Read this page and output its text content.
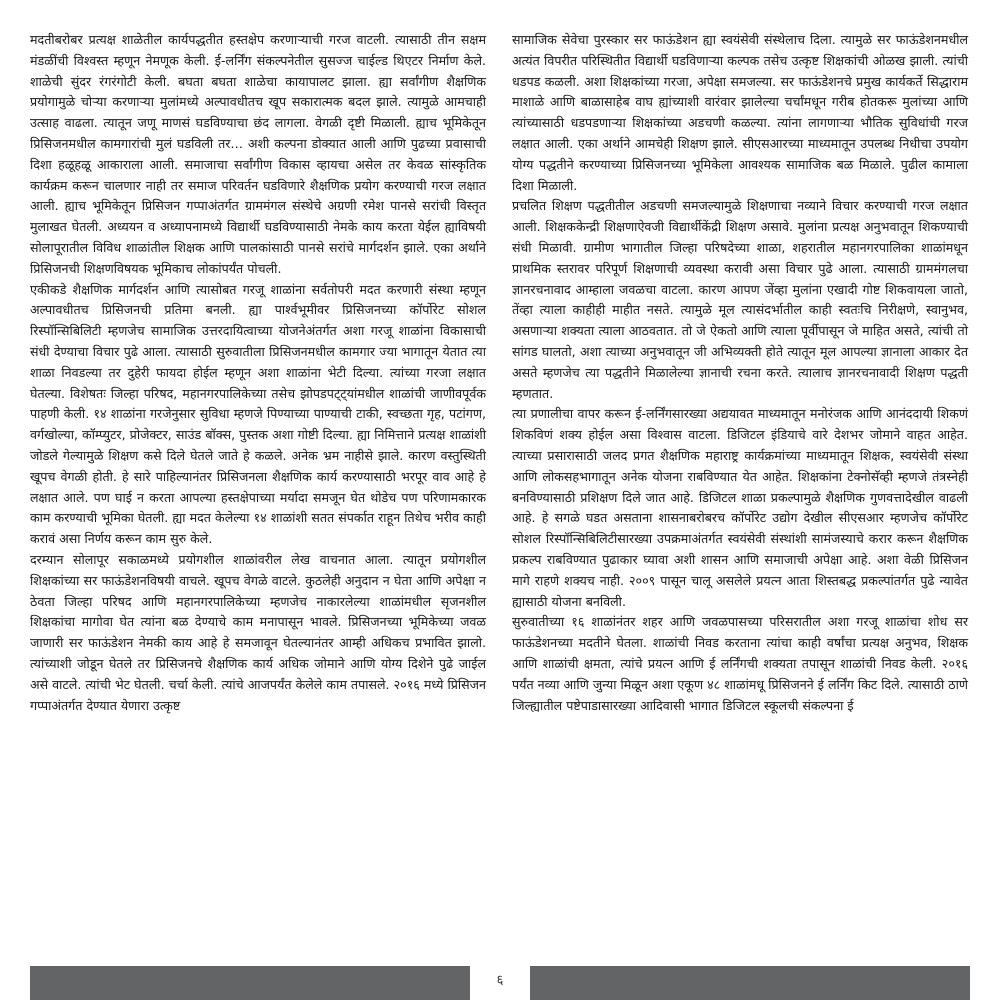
मदतीबरोबर प्रत्यक्ष शाळेतील कार्यपद्धतीत हस्तक्षेप करणाऱ्याची गरज वाटली. त्यासाठी तीन सक्षम मंडळींची विश्वस्त म्हणून नेमणूक केली. ई-लर्निंग संकल्पनेतील सुसज्ज चाईल्ड थिएटर निर्माण केले. शाळेची सुंदर रंगरंगोटी केली. बघता बघता शाळेचा कायापालट झाला. ह्या सर्वांगीण शैक्षणिक प्रयोगामुळे चोऱ्या करणाऱ्या मुलांमध्ये अल्पावधीतच खूप सकारात्मक बदल झाले. त्यामुळे आमचाही उत्साह वाढला. त्यातून जणू माणसं घडविण्याचा छंद लागला. वेगळी दृष्टी मिळाली. ह्याच भूमिकेतून प्रिसिजनमधील कामगारांची मुलं घडविली तर… अशी कल्पना डोक्यात आली आणि पुढच्या प्रवासाची दिशा हळूहळू आकाराला आली. समाजाचा सर्वांगीण विकास व्हायचा असेल तर केवळ सांस्कृतिक कार्यक्रम करून चालणार नाही तर समाज परिवर्तन घडविणारे शैक्षणिक प्रयोग करण्याची गरज लक्षात आली. ह्याच भूमिकेतून प्रिसिजन गप्पाअंतर्गत ग्राममंगल संस्थेचे अग्रणी रमेश पानसे सरांची विस्तृत मुलाखत घेतली. अध्ययन व अध्यापनामध्ये विद्यार्थी घडविण्यासाठी नेमके काय करता येईल ह्याविषयी सोलापूरातील विविध शाळांतील शिक्षक आणि पालकांसाठी पानसे सरांचे मार्गदर्शन झाले. एका अर्थाने प्रिसिजनची शिक्षणविषयक भूमिकाच लोकांपर्यंत पोचली.

एकीकडे शैक्षणिक मार्गदर्शन आणि त्यासोबत गरजू शाळांना सर्वतोपरी मदत करणारी संस्था म्हणून अल्पावधीतच प्रिसिजनची प्रतिमा बनली. ह्या पार्श्वभूमीवर प्रिसिजनच्या कॉर्पोरेट सोशल रिस्पॉन्सिबिलिटी म्हणजेच सामाजिक उत्तरदायित्वाच्या योजनेअंतर्गत अशा गरजू शाळांना विकासाची संधी देण्याचा विचार पुढे आला. त्यासाठी सुरुवातीला प्रिसिजनमधील कामगार ज्या भागातून येतात त्या शाळा निवडल्या तर दुहेरी फायदा होईल म्हणून अशा शाळांना भेटी दिल्या. त्यांच्या गरजा लक्षात घेतल्या. विशेषतः जिल्हा परिषद, महानगरपालिकेच्या तसेच झोपडपट्ट्यांमधील शाळांची जाणीवपूर्वक पाहणी केली. १४ शाळांना गरजेनुसार सुविधा म्हणजे पिण्याच्या पाण्याची टाकी, स्वच्छता गृह, पटांगण, वर्गखोल्या, कॉम्प्युटर, प्रोजेक्टर, साउंड बॉक्स, पुस्तक अशा गोष्टी दिल्या. ह्या निमित्ताने प्रत्यक्ष शाळांशी जोडले गेल्यामुळे शिक्षण कसे दिले घेतले जाते हे कळले. अनेक भ्रम नाहीसे झाले. कारण वस्तुस्थिती खूपच वेगळी होती. हे सारे पाहिल्यानंतर प्रिसिजनला शैक्षणिक कार्य करण्यासाठी भरपूर वाव आहे हे लक्षात आले. पण घाई न करता आपल्या हस्तक्षेपाच्या मर्यादा समजून घेत थोडेच पण परिणामकारक काम करण्याची भूमिका घेतली. ह्या मदत केलेल्या १४ शाळांशी सतत संपर्कात राहून तिथेच भरीव काही करावं असा निर्णय करून काम सुरु केले.

दरम्यान सोलापूर सकाळमध्ये प्रयोगशील शाळांवरील लेख वाचनात आला. त्यातून प्रयोगशील शिक्षकांच्या सर फाऊंडेशनविषयी वाचले. खूपच वेगळे वाटले. कुठलेही अनुदान न घेता आणि अपेक्षा न ठेवता जिल्हा परिषद आणि महानगरपालिकेच्या म्हणजेच नाकारलेल्या शाळांमधील सृजनशील शिक्षकांचा मागोवा घेत त्यांना बळ देण्याचे काम मनापासून भावले. प्रिसिजनच्या भूमिकेच्या जवळ जाणारी सर फाऊंडेशन नेमकी काय आहे हे समजावून घेतल्यानंतर आम्ही अधिकच प्रभावित झालो. त्यांच्याशी जोडून घेतले तर प्रिसिजनचे शैक्षणिक कार्य अधिक जोमाने आणि योग्य दिशेने पुढे जाईल असे वाटले. त्यांची भेट घेतली. चर्चा केली. त्यांचे आजपर्यंत केलेले काम तपासले. २०१६ मध्ये प्रिसिजन गप्पाअंतर्गत देण्यात येणारा उत्कृष्ट

सामाजिक सेवेचा पुरस्कार सर फाऊंडेशन ह्या स्वयंसेवी संस्थेलाच दिला. त्यामुळे सर फाऊंडेशनमधील अत्यंत विपरीत परिस्थितीत विद्यार्थी घडविणाऱ्या कल्पक तसेच उत्कृष्ट शिक्षकांची ओळख झाली. त्यांची धडपड कळली. अशा शिक्षकांच्या गरजा, अपेक्षा समजल्या. सर फाऊंडेशनचे प्रमुख कार्यकर्ते सिद्धाराम माशाळे आणि बाळासाहेब वाघ ह्यांच्याशी वारंवार झालेल्या चर्चांमधून गरीब होतकरू मुलांच्या आणि त्यांच्यासाठी धडपडणाऱ्या शिक्षकांच्या अडचणी कळल्या. त्यांना लागणाऱ्या भौतिक सुविधांची गरज लक्षात आली. एका अर्थाने आमचेही शिक्षण झाले. सीएसआरच्या माध्यमातून उपलब्ध निधीचा उपयोग योग्य पद्धतीने करण्याच्या प्रिसिजनच्या भूमिकेला आवश्यक सामाजिक बळ मिळाले. पुढील कामाला दिशा मिळाली.

प्रचलित शिक्षण पद्धतीतील अडचणी समजल्यामुळे शिक्षणाचा नव्याने विचार करण्याची गरज लक्षात आली. शिक्षककेन्द्री शिक्षणाऐवजी विद्यार्थीकेंद्री शिक्षण असावे. मुलांना प्रत्यक्ष अनुभवातून शिकण्याची संधी मिळावी. ग्रामीण भागातील जिल्हा परिषदेच्या शाळा, शहरातील महानगरपालिका शाळांमधून प्राथमिक स्तरावर परिपूर्ण शिक्षणाची व्यवस्था करावी असा विचार पुढे आला. त्यासाठी ग्राममंगलचा ज्ञानरचनावाद आम्हाला जवळचा वाटला. कारण आपण जेंव्हा मुलांना एखादी गोष्ट शिकवायला जातो, तेंव्हा त्याला काहीही माहीत नसते. त्यामुळे मूल त्यासंदर्भातील काही स्वतःचि निरीक्षणे, स्वानुभव, असणाऱ्या शक्यता त्याला आठवतात. तो जे ऐकतो आणि त्याला पूर्वीपासून जे माहित असते, त्यांची तो सांगड घालतो, अशा त्याच्या अनुभवातून जी अभिव्यक्ती होते त्यातून मूल आपल्या ज्ञानाला आकार देत असते म्हणजेच त्या पद्धतीने मिळालेल्या ज्ञानाची रचना करते. त्यालाच ज्ञानरचनावादी शिक्षण पद्धती म्हणतात.

त्या प्रणालीचा वापर करून ई-लर्निंगसारख्या अद्ययावत माध्यमातून मनोरंजक आणि आनंददायी शिकणं शिकविणं शक्य होईल असा विश्वास वाटला. डिजिटल इंडियाचे वारे देशभर जोमाने वाहत आहेत. त्याच्या प्रसारासाठी जलद प्रगत शैक्षणिक महाराष्ट्र कार्यक्रमांच्या माध्यमातून शिक्षक, स्वयंसेवी संस्था आणि लोकसहभागातून अनेक योजना राबविण्यात येत आहेत. शिक्षकांना टेक्नोसॅव्ही म्हणजे तंत्रस्नेही बनविण्यासाठी प्रशिक्षण दिले जात आहे. डिजिटल शाळा प्रकल्पामुळे शैक्षणिक गुणवत्तादेखील वाढली आहे. हे सगळे घडत असताना शासनाबरोबरच कॉर्पोरेट उद्योग देखील सीएसआर म्हणजेच कॉर्पोरेट सोशल रिस्पॉन्सिबिलिटीसारख्या उपक्रमाअंतर्गत स्वयंसेवी संस्थांशी सामंजस्याचे करार करून शैक्षणिक प्रकल्प राबविण्यात पुढाकार घ्यावा अशी शासन आणि समाजाची अपेक्षा आहे. अशा वेळी प्रिसिजन मागे राहणे शक्यच नाही. २००९ पासून चालू असलेले प्रयत्न आता शिस्तबद्ध प्रकल्पांतर्गत पुढे न्यावेत ह्यासाठी योजना बनविली.

सुरुवातीच्या १६ शाळांनंतर शहर आणि जवळपासच्या परिसरातील अशा गरजू शाळांचा शोध सर फाऊंडेशनच्या मदतीने घेतला. शाळांची निवड करताना त्यांचा काही वर्षांचा प्रत्यक्ष अनुभव, शिक्षक आणि शाळांची क्षमता, त्यांचे प्रयत्न आणि ई लर्निंगची शक्यता तपासून शाळांची निवड केली. २०१६ पर्यंत नव्या आणि जुन्या मिळून अशा एकूण ४८ शाळांमधू प्रिसिजनने ई लर्निंग किट दिले. त्यासाठी ठाणे जिल्ह्यातील पष्टेपाडासारख्या आदिवासी भागात डिजिटल स्कूलची संकल्पना ई

६
